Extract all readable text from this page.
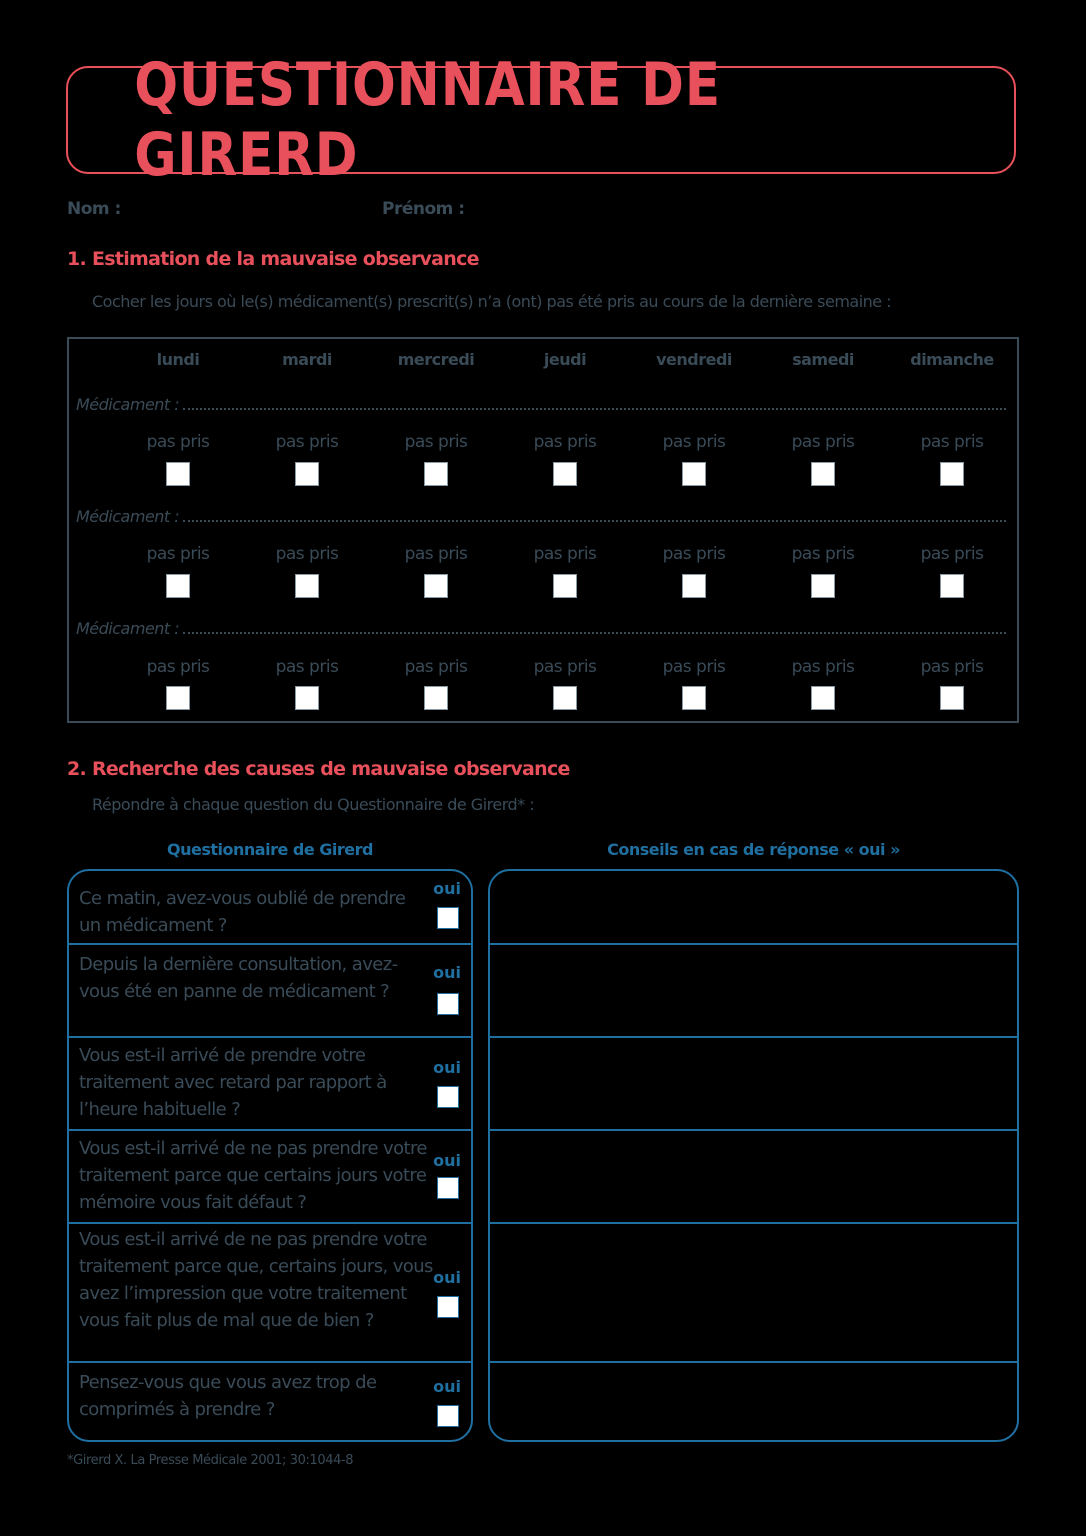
QUESTIONNAIRE DE GIRERD
Nom :	Prénom :
1. Estimation de la mauvaise observance
Cocher les jours où le(s) médicament(s) prescrit(s) n’a (ont) pas été pris au cours de la dernière semaine :
lundi	mardi	mercredi	jeudi	vendredi	samedi	dimanche
Médicament :
pas pris	pas pris	pas pris	pas pris	pas pris	pas pris	pas pris
Médicament :
pas pris	pas pris	pas pris	pas pris	pas pris	pas pris	pas pris
Médicament :
pas pris	pas pris	pas pris	pas pris	pas pris	pas pris	pas pris
2. Recherche des causes de mauvaise observance
Répondre à chaque question du Questionnaire de Girerd* :
Questionnaire de Girerd	Conseils en cas de réponse « oui »
Ce matin, avez-vous oublié de prendre un médicament ?
oui
Depuis la dernière consultation, avez-vous été en panne de médicament ?
oui
Vous est-il arrivé de prendre votre traitement avec retard par rapport à l’heure habituelle ?
oui
Vous est-il arrivé de ne pas prendre votre traitement parce que certains jours votre mémoire vous fait défaut ?
oui
Vous est-il arrivé de ne pas prendre votre traitement parce que, certains jours, vous avez l’impression que votre traitement vous fait plus de mal que de bien ?
oui
Pensez-vous que vous avez trop de comprimés à prendre ?
oui
*Girerd X. La Presse Médicale 2001; 30:1044-8
